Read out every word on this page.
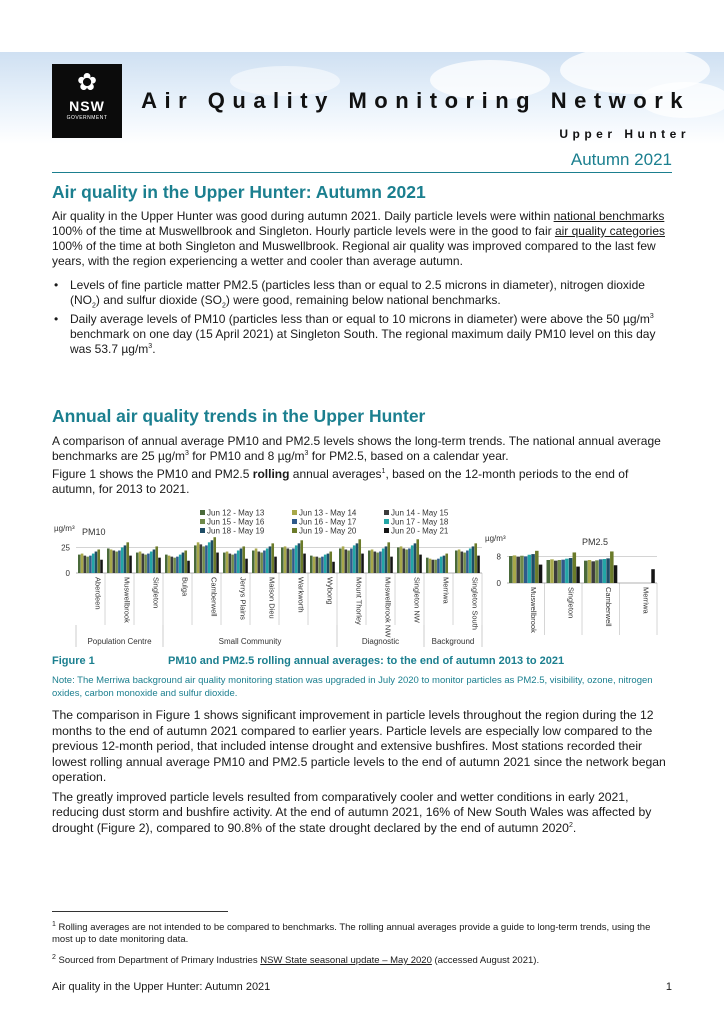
✿
NSW
GOVERNMENT
Air Quality Monitoring Network
Upper Hunter
Autumn 2021
Air quality in the Upper Hunter: Autumn 2021

Air quality in the Upper Hunter was good during autumn 2021. Daily particle levels were within national benchmarks 100% of the time at Muswellbrook and Singleton. Hourly particle levels were in the good to fair air quality categories 100% of the time at both Singleton and Muswellbrook. Regional air quality was improved compared to the last few years, with the region experiencing a wetter and cooler than average autumn.

• Levels of fine particle matter PM2.5 (particles less than or equal to 2.5 microns in diameter), nitrogen dioxide $(NO_2)$ and sulfur dioxide $(SO_2)$ were good, remaining below national benchmarks.
• Daily average levels of PM10 (particles less than or equal to 10 microns in diameter) were above the 50 $\mu g/m^3$ benchmark on one day (15 April 2021) at Singleton South. The regional maximum daily PM10 level on this day was 53.7 $\mu g/m^3$.
Annual air quality trends in the Upper Hunter

A comparison of annual average PM10 and PM2.5 levels shows the long-term trends. The national annual average benchmarks are 25 $\mu g/m^3$ for PM10 and 8 $\mu g/m^3$ for PM2.5, based on a calendar year.

Figure 1 shows the PM10 and PM2.5 rolling annual averages$^1$, based on the 12-month periods to the end of autumn, for 2013 to 2021.

Jun 12 - May 13	Jun 13 - May 14	Jun 14 - May 15
Jun 15 - May 16	Jun 16 - May 17	Jun 17 - May 18
Jun 18 - May 19	Jun 19 - May 20	Jun 20 - May 21
µg/m³ PM10
0
25
Aberdeen	Muswellbrook	Singleton	Bulga	Camberwell	Jerrys Plains	Maison Dieu	Warkworth	Wybong	Mount Thorley	Muswellbrook NW	Singleton NW	Merriwa	Singleton South
Population Centre	Small Community	Diagnostic	Background
µg/m³	PM2.5
0
8
Muswellbrook	Singleton	Camberwell	Merriwa
Figure 1	PM10 and PM2.5 rolling annual averages: to the end of autumn 2013 to 2021
Note: The Merriwa background air quality monitoring station was upgraded in July 2020 to monitor particles as PM2.5, visibility, ozone, nitrogen oxides, carbon monoxide and sulfur dioxide.

The comparison in Figure 1 shows significant improvement in particle levels throughout the region during the 12 months to the end of autumn 2021 compared to earlier years. Particle levels are especially low compared to the previous 12-month period, that included intense drought and extensive bushfires. Most stations recorded their lowest rolling annual average PM10 and PM2.5 particle levels to the end of autumn 2021 since the network began operation.

The greatly improved particle levels resulted from comparatively cooler and wetter conditions in early 2021, reducing dust storm and bushfire activity. At the end of autumn 2021, 16% of New South Wales was affected by drought (Figure 2), compared to 90.8% of the state drought declared by the end of autumn 2020$^2$.

$^1$ Rolling averages are not intended to be compared to benchmarks. The rolling annual averages provide a guide to long-term trends, using the most up to date monitoring data.
$^2$ Sourced from Department of Primary Industries NSW State seasonal update – May 2020 (accessed August 2021).
Air quality in the Upper Hunter: Autumn 2021	1
